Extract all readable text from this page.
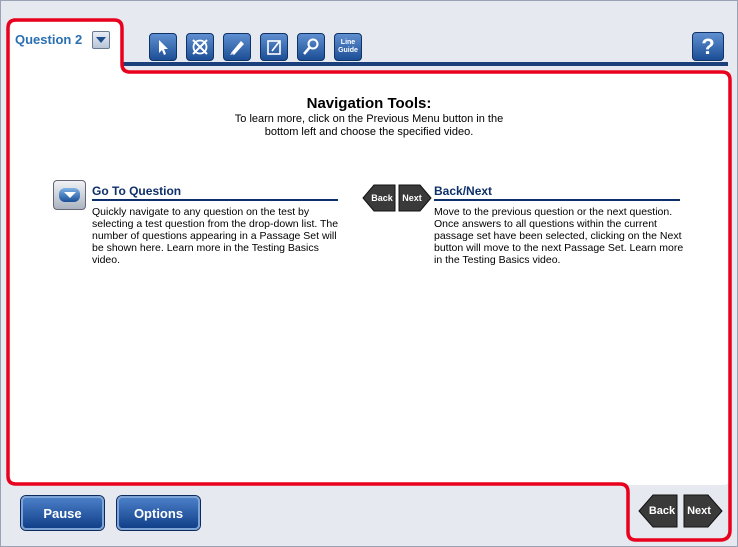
Question 2	Line
Guide	?
Navigation Tools:
To learn more, click on the Previous Menu button in the bottom left and choose the specified video.
Go To Question
Quickly navigate to any question on the test by selecting a test question from the drop-down list. The number of questions appearing in a Passage Set will be shown here. Learn more in the Testing Basics video.
Back Next Back/Next
Move to the previous question or the next question. Once answers to all questions within the current passage set have been selected, clicking on the Next button will move to the next Passage Set. Learn more in the Testing Basics video.
Pause	Options	Back Next
